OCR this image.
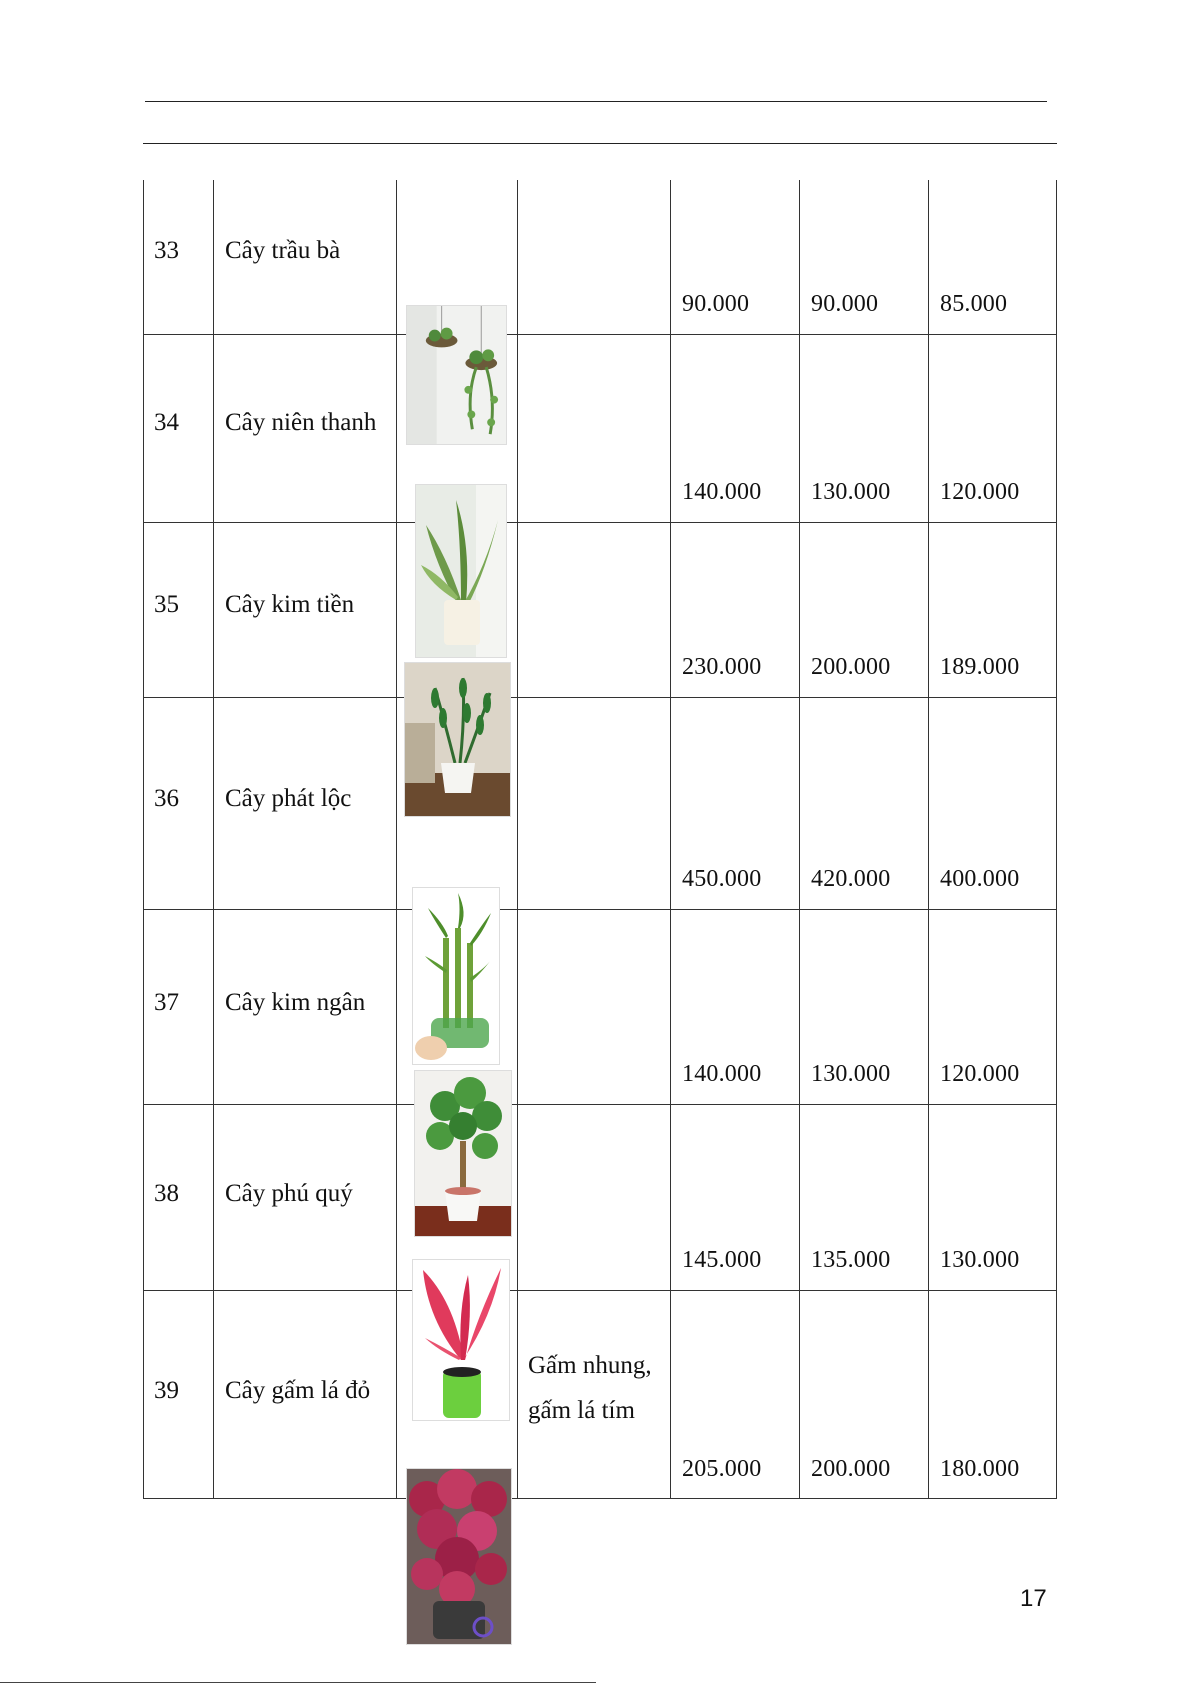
33 Cây trầu bà
90.000	90.000	85.000
34 Cây niên thanh
140.000 130.000 120.000
35 Cây kim tiền
230.000 200.000 189.000
36 Cây phát lộc
450.000 420.000 400.000
37 Cây kim ngân
140.000 130.000 120.000
38 Cây phú quý
145.000 135.000 130.000
39 Cây gấm lá đỏ
Gấm nhung,
gấm lá tím
205.000 200.000 180.000
17
